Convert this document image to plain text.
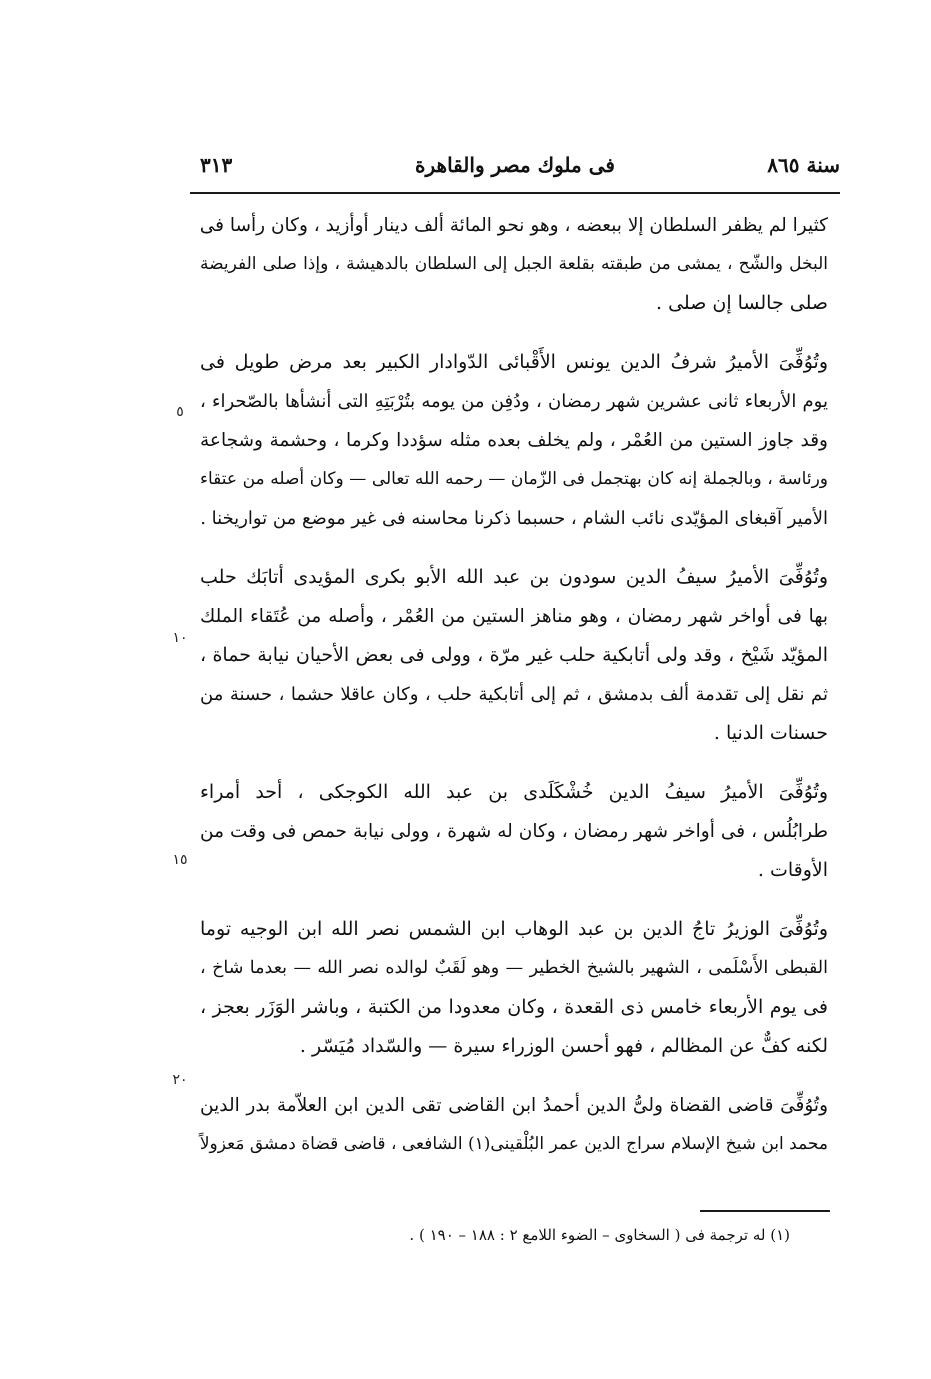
سنة ٨٦٥
فى ملوك مصر والقاهرة
٣١٣
كثيرا لم يظفر السلطان إلا ببعضه ، وهو نحو المائة ألف دينار أوأزيد ، وكان رأسا فى
البخل والشّح ، يمشى من طبقته بقلعة الجبل إلى السلطان بالدهيشة ، وإذا صلى الفريضة
صلى جالسا إن صلى .
وتُوُفِّىَ الأميرُ شرفُ الدين يونس الأَقْبائى الدّوادار الكبير بعد مرض طويل فى
يوم الأربعاء ثانى عشرين شهر رمضان ، ودُفِن من يومه بتُرْبَتِهِ التى أنشأها بالصّحراء ،
وقد جاوز الستين من العُمْر ، ولم يخلف بعده مثله سؤددا وكرما ، وحشمة وشجاعة
ورئاسة ، وبالجملة إنه كان بهتجمل فى الزّمان — رحمه الله تعالى — وكان أصله من عتقاء
الأمير آقبغاى المؤيّدى نائب الشام ، حسبما ذكرنا محاسنه فى غير موضع من تواريخنا .
وتُوُفِّىَ الأميرُ سيفُ الدين سودون بن عبد الله الأبو بكرى المؤيدى أتابَك حلب
بها فى أواخر شهر رمضان ، وهو مناهز الستين من العُمْر ، وأصله من عُتَقاء الملك
المؤيّد شَيْخ ، وقد ولى أتابكية حلب غير مرّة ، وولى فى بعض الأحيان نيابة حماة ،
ثم نقل إلى تقدمة ألف بدمشق ، ثم إلى أتابكية حلب ، وكان عاقلا حشما ، حسنة من
حسنات الدنيا .
وتُوُفِّىَ الأميرُ سيفُ الدين خُشْكَلَدى بن عبد الله الكوجكى ، أحد أمراء
طرابُلُس ، فى أواخر شهر رمضان ، وكان له شهرة ، وولى نيابة حمص فى وقت من
الأوقات .
وتُوُفِّىَ الوزيرُ تاجُ الدين بن عبد الوهاب ابن الشمس نصر الله ابن الوجيه توما
القبطى الأَسْلَمى ، الشهير بالشيخ الخطير — وهو لَقَبٌ لوالده نصر الله — بعدما شاخ ،
فى يوم الأربعاء خامس ذى القعدة ، وكان معدودا من الكتبة ، وباشر الوَزَر بعجز ،
لكنه كفٌّ عن المظالم ، فهو أحسن الوزراء سيرة — والسّداد مُيَسّر .
وتُوُفِّىَ قاضى القضاة ولىُّ الدين أحمدُ ابن القاضى تقى الدين ابن العلاّمة بدر الدين
محمد ابن شيخ الإسلام سراج الدين عمر البُلْقينى(١) الشافعى ، قاضى قضاة دمشق مَعزولاً
٥
١٠
١٥
٢٠
(١) له ترجمة فى ( السخاوى – الضوء اللامع ٢ : ١٨٨ – ١٩٠ ) .
